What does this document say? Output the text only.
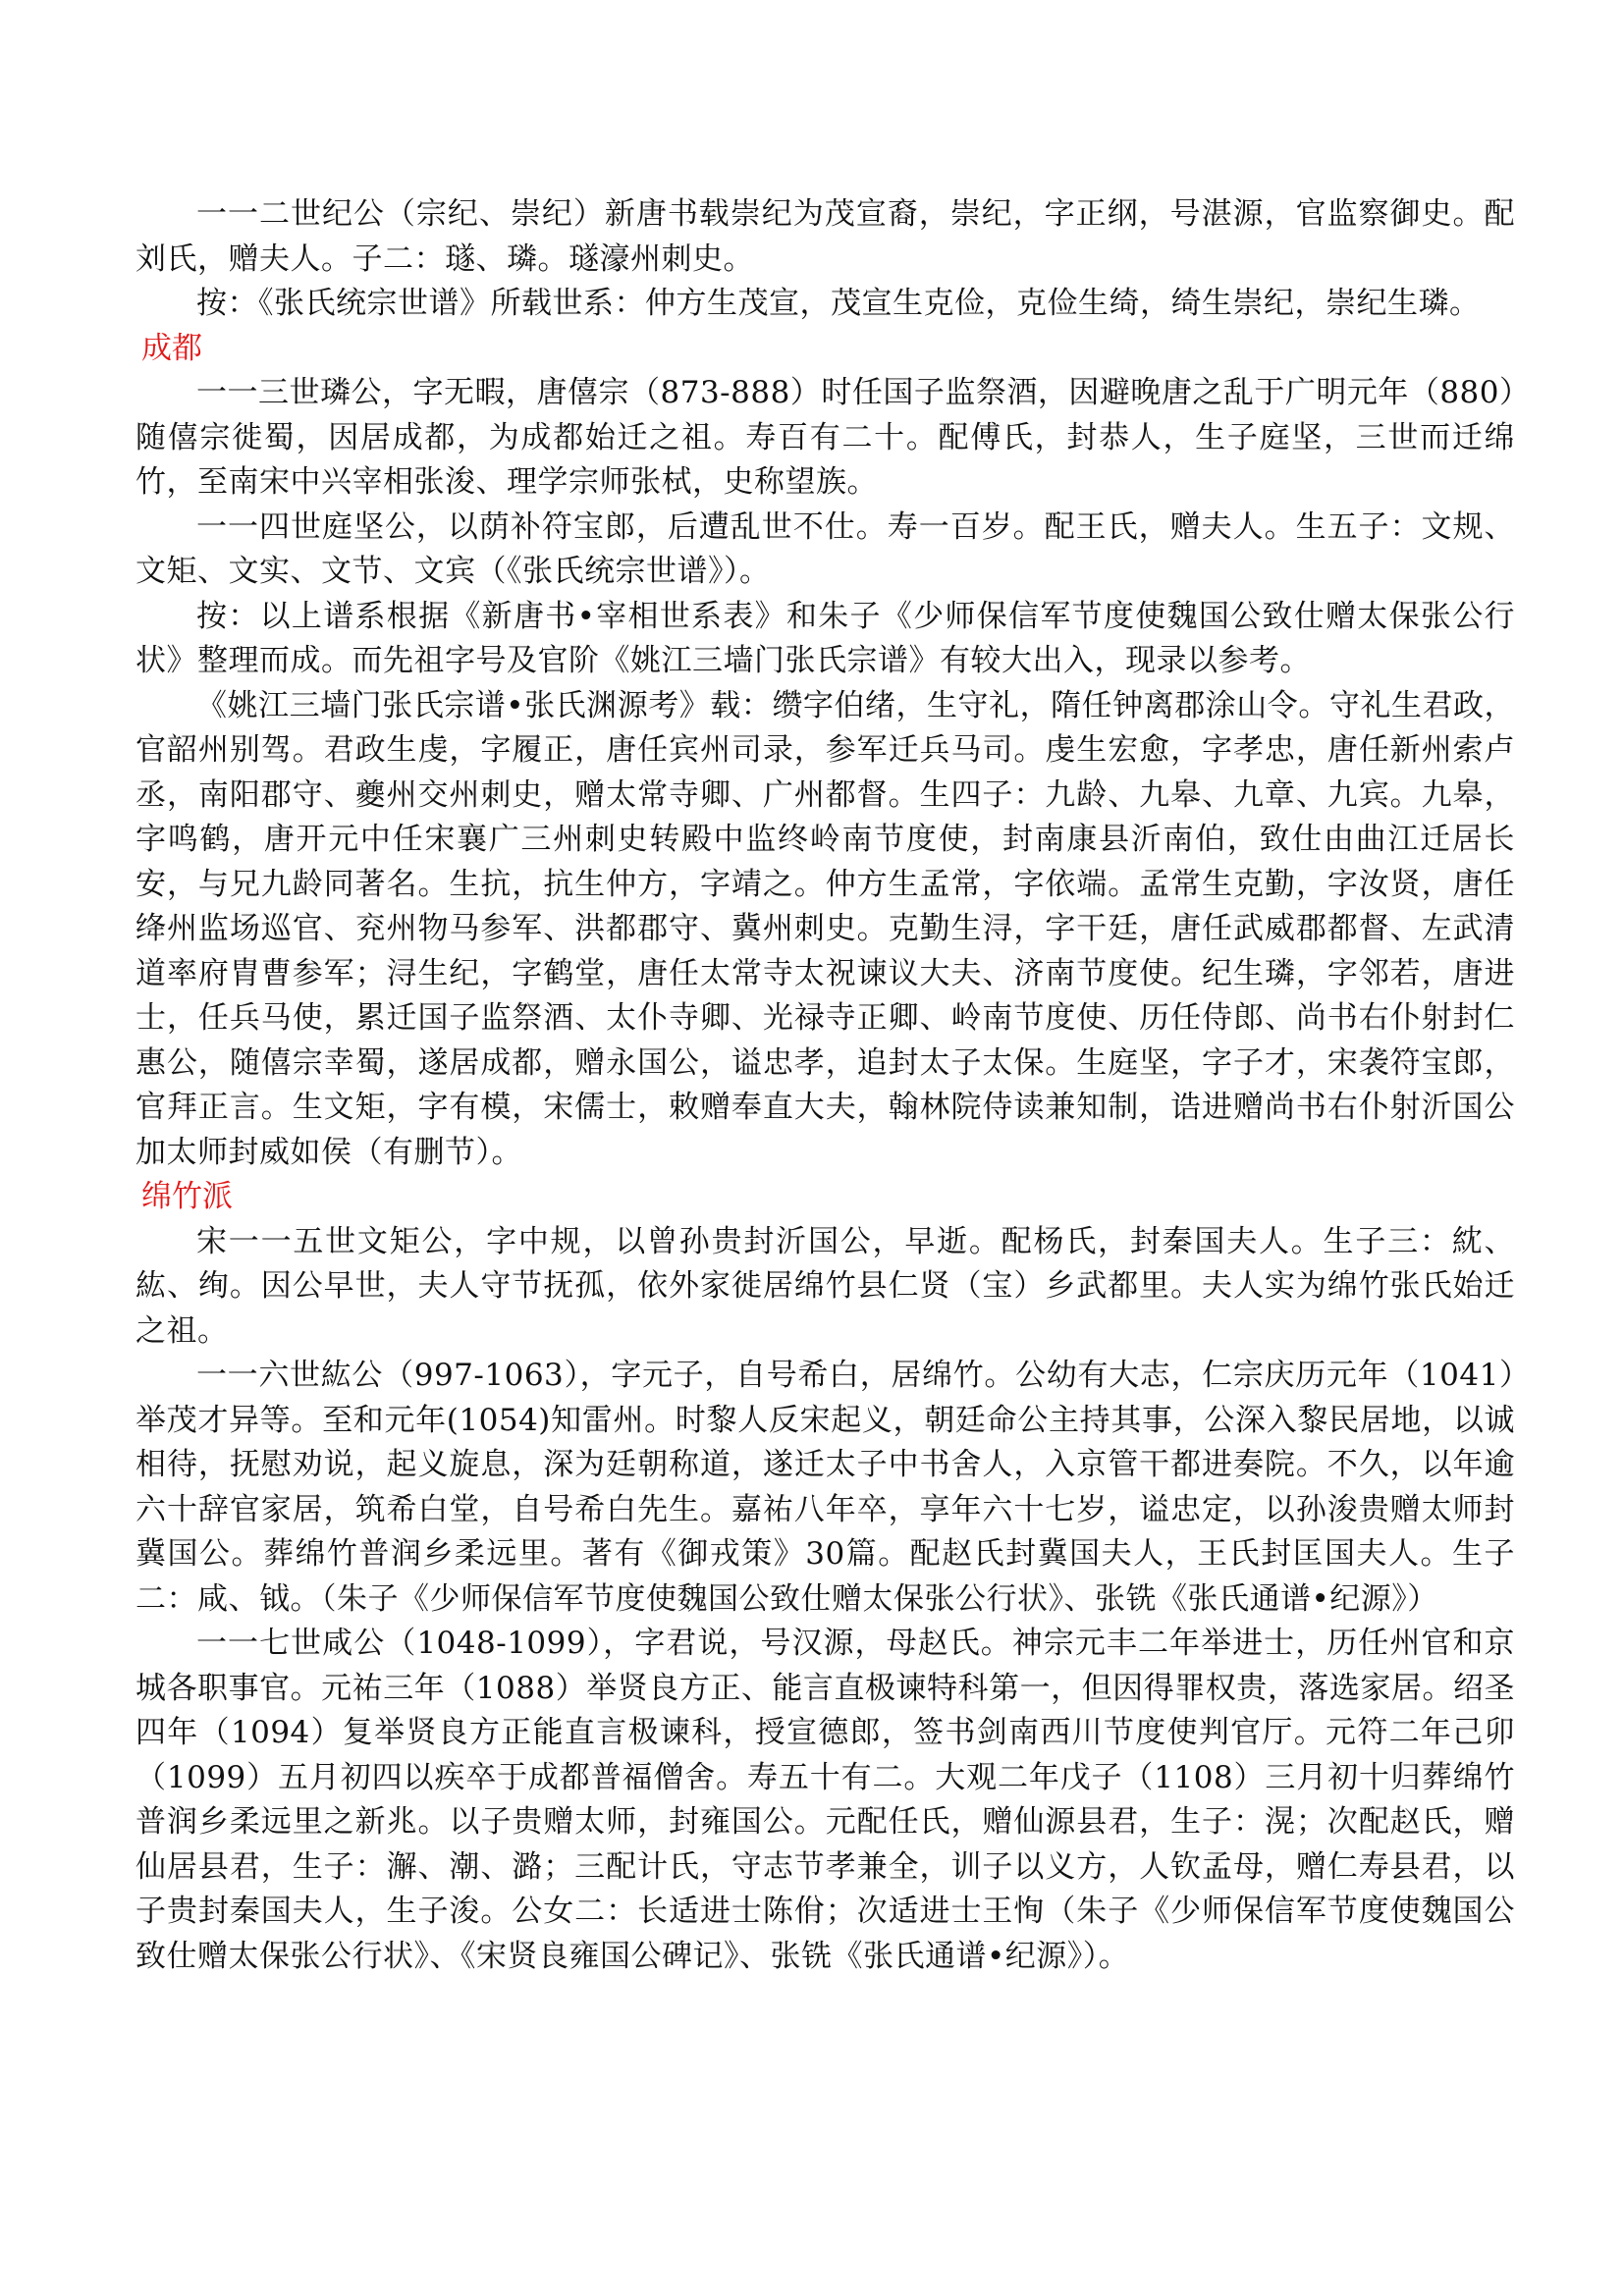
一一二世纪公（宗纪、崇纪）新唐书载崇纪为茂宣裔，崇纪，字正纲，号湛源，官监察御史。配刘氏，赠夫人。子二：璲、璘。璲濠州刺史。

按：《张氏统宗世谱》所载世系：仲方生茂宣，茂宣生克俭，克俭生绮，绮生崇纪，崇纪生璘。

成都

一一三世璘公，字无暇，唐僖宗（873-888）时任国子监祭酒，因避晚唐之乱于广明元年（880）随僖宗徙蜀，因居成都，为成都始迁之祖。寿百有二十。配傅氏，封恭人，生子庭坚，三世而迁绵竹，至南宋中兴宰相张浚、理学宗师张栻，史称望族。

一一四世庭坚公，以荫补符宝郎，后遭乱世不仕。寿一百岁。配王氏，赠夫人。生五子：文规、文矩、文实、文节、文宾（《张氏统宗世谱》）。

按：以上谱系根据《新唐书•宰相世系表》和朱子《少师保信军节度使魏国公致仕赠太保张公行状》整理而成。而先祖字号及官阶《姚江三墙门张氏宗谱》有较大出入，现录以参考。

《姚江三墙门张氏宗谱•张氏渊源考》载：缵字伯绪，生守礼，隋任钟离郡涂山令。守礼生君政，官韶州别驾。君政生虔，字履正，唐任宾州司录，参军迁兵马司。虔生宏愈，字孝忠，唐任新州索卢丞，南阳郡守、夔州交州刺史，赠太常寺卿、广州都督。生四子：九龄、九皋、九章、九宾。九皋，字鸣鹤，唐开元中任宋襄广三州刺史转殿中监终岭南节度使，封南康县沂南伯，致仕由曲江迁居长安，与兄九龄同著名。生抗，抗生仲方，字靖之。仲方生孟常，字依端。孟常生克勤，字汝贤，唐任绛州监场巡官、兖州物马参军、洪都郡守、冀州刺史。克勤生浔，字干廷，唐任武威郡都督、左武清道率府胄曹参军；浔生纪，字鹤堂，唐任太常寺太祝谏议大夫、济南节度使。纪生璘，字邻若，唐进士，任兵马使，累迁国子监祭酒、太仆寺卿、光禄寺正卿、岭南节度使、历任侍郎、尚书右仆射封仁惠公，随僖宗幸蜀，遂居成都，赠永国公，谥忠孝，追封太子太保。生庭坚，字子才，宋袭符宝郎，官拜正言。生文矩，字有模，宋儒士，敕赠奉直大夫，翰林院侍读兼知制，诰进赠尚书右仆射沂国公加太师封威如侯（有删节）。

绵竹派

宋一一五世文矩公，字中规，以曾孙贵封沂国公，早逝。配杨氏，封秦国夫人。生子三：紞、紘、绚。因公早世，夫人守节抚孤，依外家徙居绵竹县仁贤（宝）乡武都里。夫人实为绵竹张氏始迁之祖。

一一六世紘公（997-1063），字元子，自号希白，居绵竹。公幼有大志，仁宗庆历元年（1041）举茂才异等。至和元年(1054)知雷州。时黎人反宋起义，朝廷命公主持其事，公深入黎民居地，以诚相待，抚慰劝说，起义旋息，深为廷朝称道，遂迁太子中书舍人，入京管干都进奏院。不久，以年逾六十辞官家居，筑希白堂，自号希白先生。嘉祐八年卒，享年六十七岁，谥忠定，以孙浚贵赠太师封冀国公。葬绵竹普润乡柔远里。著有《御戎策》30篇。配赵氏封冀国夫人，王氏封匡国夫人。生子二：咸、钺。（朱子《少师保信军节度使魏国公致仕赠太保张公行状》、张铣《张氏通谱•纪源》）

一一七世咸公（1048-1099），字君说，号汉源，母赵氏。神宗元丰二年举进士，历任州官和京城各职事官。元祐三年（1088）举贤良方正、能言直极谏特科第一，但因得罪权贵，落选家居。绍圣四年（1094）复举贤良方正能直言极谏科，授宣德郎，签书剑南西川节度使判官厅。元符二年己卯（1099）五月初四以疾卒于成都普福僧舍。寿五十有二。大观二年戊子（1108）三月初十归葬绵竹普润乡柔远里之新兆。以子贵赠太师，封雍国公。元配任氏，赠仙源县君，生子：滉；次配赵氏，赠仙居县君，生子：澥、潮、潞；三配计氏，守志节孝兼全，训子以义方，人钦孟母，赠仁寿县君，以子贵封秦国夫人，生子浚。公女二：长适进士陈佾；次适进士王恂（朱子《少师保信军节度使魏国公致仕赠太保张公行状》、《宋贤良雍国公碑记》、张铣《张氏通谱•纪源》）。
